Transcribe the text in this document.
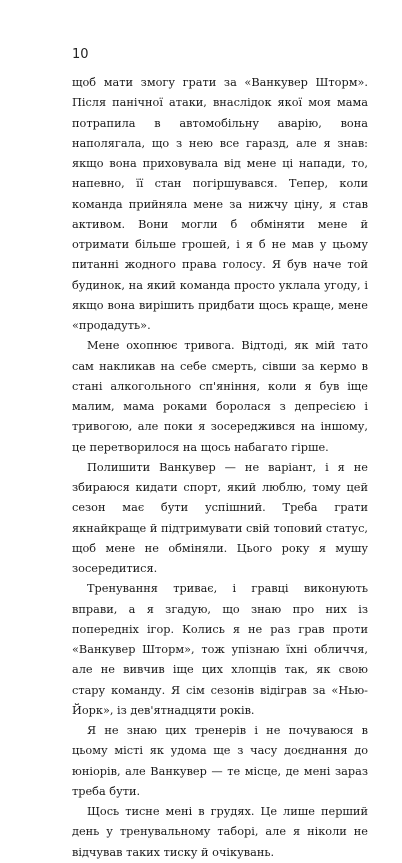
10

щоб мати змогу грати за «Ванкувер Шторм». Після панічної атаки, внаслідок якої моя мама потрапила в автомобільну аварію, вона наполягала, що з нею все гаразд, але я знав: якщо вона приховувала від мене ці напади, то, напевно, її стан погіршувався. Тепер, коли команда прийняла мене за нижчу ціну, я став активом. Вони могли б обміняти мене й отримати більше грошей, і я б не мав у цьому питанні жодного права голосу. Я був наче той будинок, на який команда просто уклала угоду, і якщо вона вирішить придбати щось краще, мене «продадуть».

Мене охопнює тривога. Відтоді, як мій тато сам накликав на себе смерть, сівши за кермо в стані алкогольного сп'яніння, коли я був іще малим, мама роками боролася з депресією і тривогою, але поки я зосереджився на іншому, це перетворилося на щось набагато гірше.

Полишити Ванкувер — не варіант, і я не збираюся кидати спорт, який люблю, тому цей сезон має бути успішний. Треба грати якнайкраще й підтримувати свій топовий статус, щоб мене не обміняли. Цього року я мушу зосередитися.

Тренування триває, і гравці виконують вправи, а я згадую, що знаю про них із попередніх ігор. Колись я не раз грав проти «Ванкувер Шторм», тож упізнаю їхні обличчя, але не вивчив іще цих хлопців так, як свою стару команду. Я сім сезонів відіграв за «Нью-Йорк», із дев'ятнадцяти років.

Я не знаю цих тренерів і не почуваюся в цьому місті як удома ще з часу доєднання до юніорів, але Ванкувер — те місце, де мені зараз треба бути.

Щось тисне мені в грудях. Це лише перший день у тренувальному таборі, але я ніколи не відчував таких тиску й очікувань.
